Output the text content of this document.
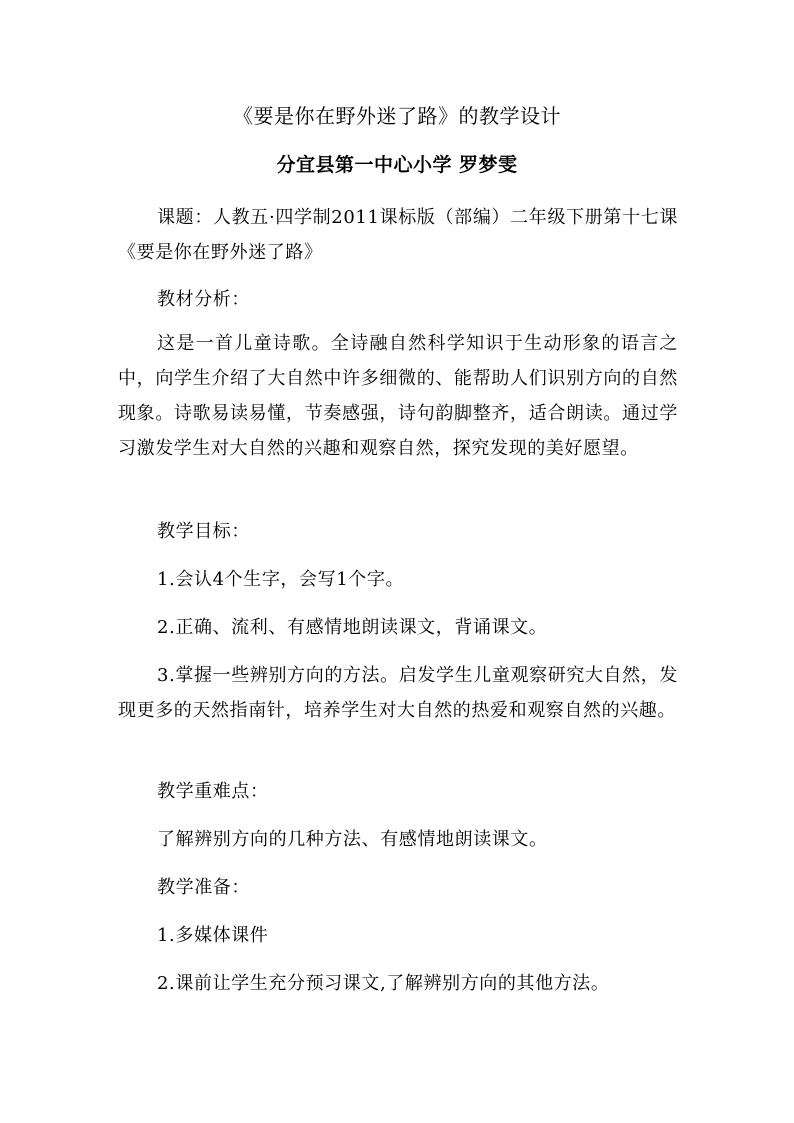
《要是你在野外迷了路》的教学设计
分宜县第一中心小学 罗梦雯
课题：人教五·四学制2011课标版（部编）二年级下册第十七课《要是你在野外迷了路》
教材分析：
这是一首儿童诗歌。全诗融自然科学知识于生动形象的语言之中，向学生介绍了大自然中许多细微的、能帮助人们识别方向的自然现象。诗歌易读易懂，节奏感强，诗句韵脚整齐，适合朗读。通过学习激发学生对大自然的兴趣和观察自然，探究发现的美好愿望。
教学目标：
1.会认4个生字，会写1个字。
2.正确、流利、有感情地朗读课文，背诵课文。
3.掌握一些辨别方向的方法。启发学生儿童观察研究大自然，发现更多的天然指南针，培养学生对大自然的热爱和观察自然的兴趣。
教学重难点：
了解辨别方向的几种方法、有感情地朗读课文。
教学准备：
1.多媒体课件
2.课前让学生充分预习课文,了解辨别方向的其他方法。
